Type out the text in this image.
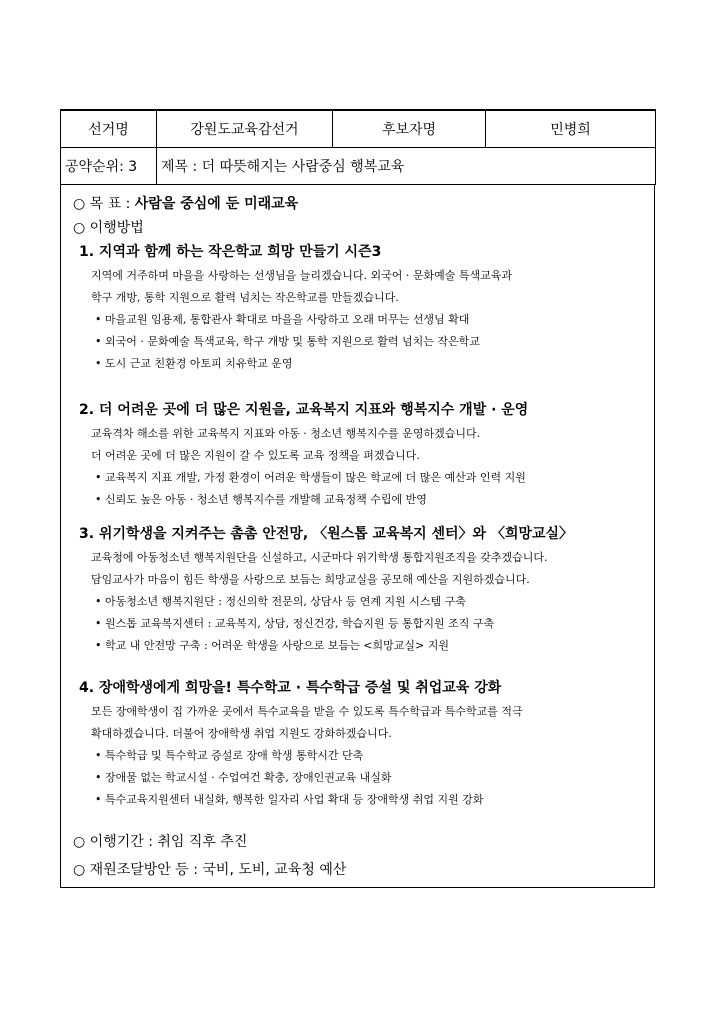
선거명	강원도교육감선거	후보자명	민병희
공약순위: 3	제목 : 더 따뜻해지는 사람중심 행복교육		
○ 목 표 : 사람을 중심에 둔 미래교육
○ 이행방법
1. 지역과 함께 하는 작은학교 희망 만들기 시즌3
지역에 거주하며 마을을 사랑하는 선생님을 늘리겠습니다. 외국어 · 문화예술 특색교육과
학구 개방, 통학 지원으로 활력 넘치는 작은학교를 만들겠습니다.
• 마을교원 임용제, 통합관사 확대로 마을을 사랑하고 오래 머무는 선생님 확대
• 외국어 · 문화예술 특색교육, 학구 개방 및 통학 지원으로 활력 넘치는 작은학교
• 도시 근교 친환경 아토피 치유학교 운영
2. 더 어려운 곳에 더 많은 지원을, 교육복지 지표와 행복지수 개발 · 운영
교육격차 해소를 위한 교육복지 지표와 아동 · 청소년 행복지수를 운영하겠습니다.
더 어려운 곳에 더 많은 지원이 갈 수 있도록 교육 정책을 펴겠습니다.
• 교육복지 지표 개발, 가정 환경이 어려운 학생들이 많은 학교에 더 많은 예산과 인력 지원
• 신뢰도 높은 아동 · 청소년 행복지수를 개발해 교육정책 수립에 반영
3. 위기학생을 지켜주는 촘촘 안전망, 〈원스톱 교육복지 센터〉와 〈희망교실〉
교육청에 아동청소년 행복지원단을 신설하고, 시군마다 위기학생 통합지원조직을 갖추겠습니다.
담임교사가 마음이 힘든 학생을 사랑으로 보듬는 희망교실을 공모해 예산을 지원하겠습니다.
• 아동청소년 행복지원단 : 정신의학 전문의, 상담사 등 연계 지원 시스템 구축
• 원스톱 교육복지센터 : 교육복지, 상담, 정신건강, 학습지원 등 통합지원 조직 구축
• 학교 내 안전망 구축 : 어려운 학생을 사랑으로 보듬는 <희망교실> 지원
4. 장애학생에게 희망을! 특수학교 · 특수학급 증설 및 취업교육 강화
모든 장애학생이 집 가까운 곳에서 특수교육을 받을 수 있도록 특수학급과 특수학교를 적극
확대하겠습니다. 더불어 장애학생 취업 지원도 강화하겠습니다.
• 특수학급 및 특수학교 증설로 장애 학생 통학시간 단축
• 장애물 없는 학교시설 · 수업여건 확충, 장애인권교육 내실화
• 특수교육지원센터 내실화, 행복한 일자리 사업 확대 등 장애학생 취업 지원 강화
○ 이행기간 : 취임 직후 추진
○ 재원조달방안 등 : 국비, 도비, 교육청 예산
